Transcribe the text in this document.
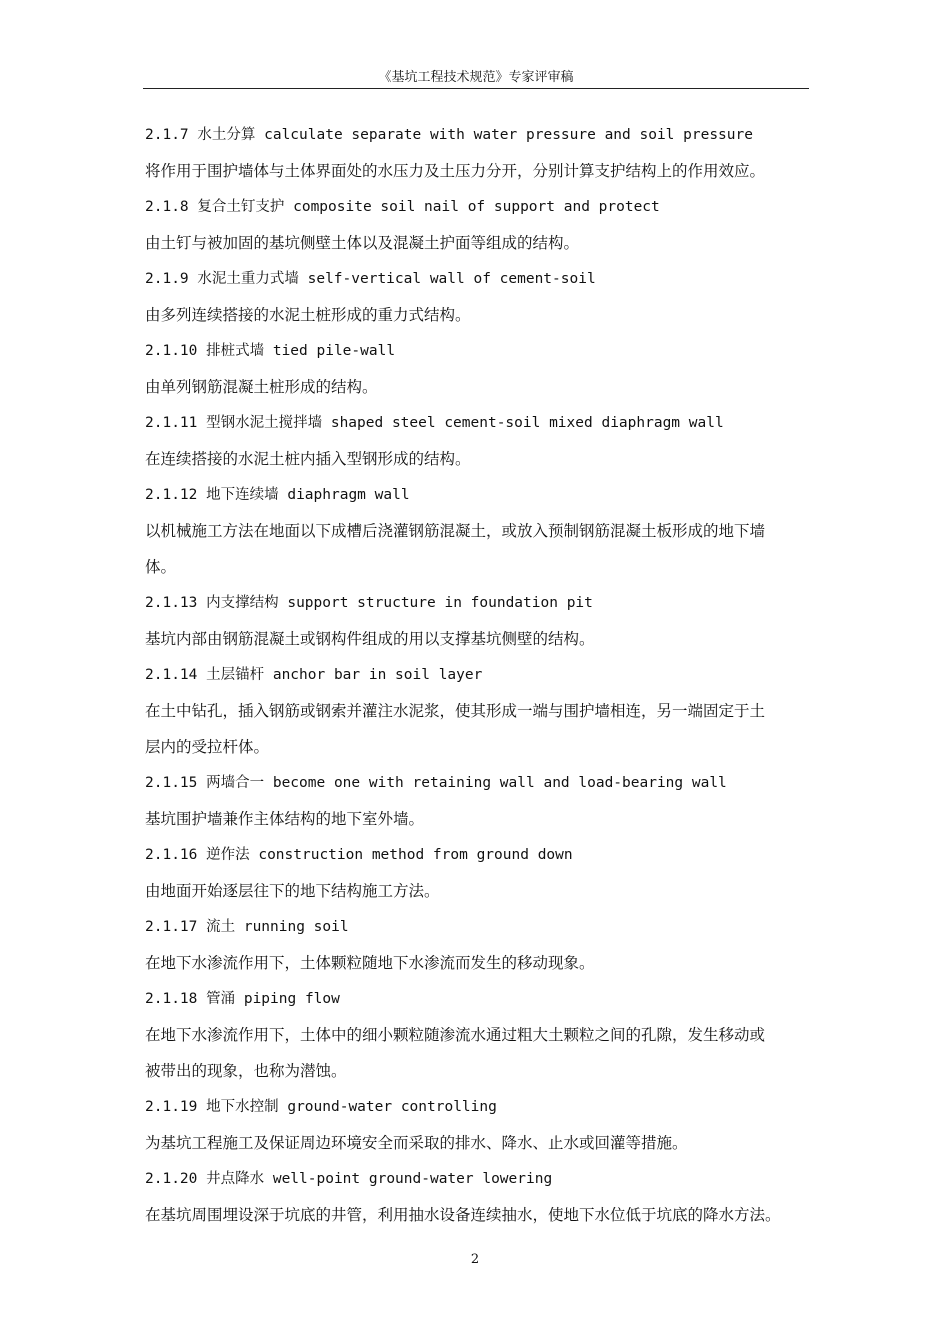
《基坑工程技术规范》专家评审稿
2.1.7 水土分算 calculate separate with water pressure and soil pressure
将作用于围护墙体与土体界面处的水压力及土压力分开，分别计算支护结构上的作用效应。
2.1.8 复合土钉支护 composite soil nail of support and protect
由土钉与被加固的基坑侧壁土体以及混凝土护面等组成的结构。
2.1.9 水泥土重力式墙 self-vertical wall of cement-soil
由多列连续搭接的水泥土桩形成的重力式结构。
2.1.10 排桩式墙 tied pile-wall
由单列钢筋混凝土桩形成的结构。
2.1.11 型钢水泥土搅拌墙 shaped steel cement-soil mixed diaphragm wall
在连续搭接的水泥土桩内插入型钢形成的结构。
2.1.12 地下连续墙 diaphragm wall
以机械施工方法在地面以下成槽后浇灌钢筋混凝土，或放入预制钢筋混凝土板形成的地下墙
体。
2.1.13 内支撑结构 support structure in foundation pit
基坑内部由钢筋混凝土或钢构件组成的用以支撑基坑侧壁的结构。
2.1.14 土层锚杆 anchor bar in soil layer
在土中钻孔，插入钢筋或钢索并灌注水泥浆，使其形成一端与围护墙相连，另一端固定于土
层内的受拉杆体。
2.1.15 两墙合一 become one with retaining wall and load-bearing wall
基坑围护墙兼作主体结构的地下室外墙。
2.1.16 逆作法 construction method from ground down
由地面开始逐层往下的地下结构施工方法。
2.1.17 流土 running soil
在地下水渗流作用下，土体颗粒随地下水渗流而发生的移动现象。
2.1.18 管涌 piping flow
在地下水渗流作用下，土体中的细小颗粒随渗流水通过粗大土颗粒之间的孔隙，发生移动或
被带出的现象，也称为潜蚀。
2.1.19 地下水控制 ground-water controlling
为基坑工程施工及保证周边环境安全而采取的排水、降水、止水或回灌等措施。
2.1.20 井点降水 well-point ground-water lowering
在基坑周围埋设深于坑底的井管，利用抽水设备连续抽水，使地下水位低于坑底的降水方法。
2
